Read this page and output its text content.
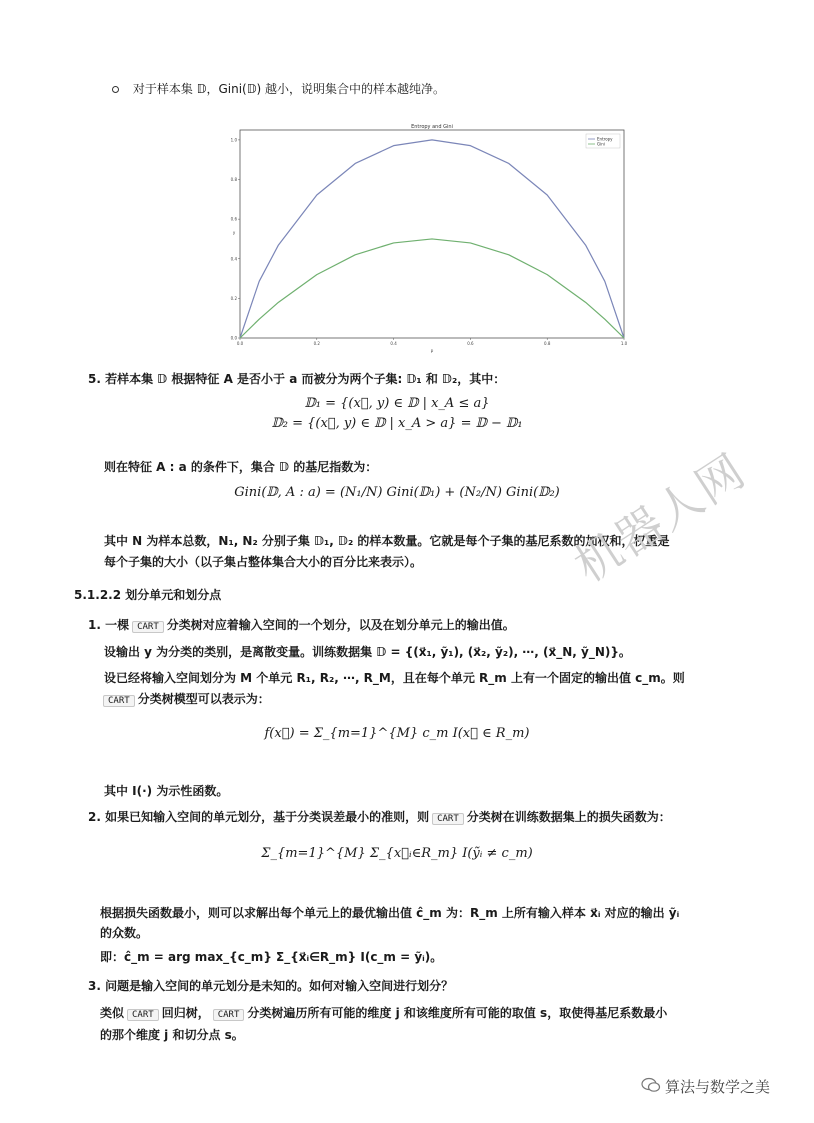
对于样本集 𝔻，Gini(𝔻) 越小，说明集合中的样本越纯净。
Entropy and Gini
0.0	0.2	0.4	0.6	0.8	1.0
0.0
0.2
0.4
0.6
0.8
1.0
p
y
Entropy
Gini
5. 若样本集 𝔻 根据特征 A 是否小于 a 而被分为两个子集: 𝔻₁ 和 𝔻₂，其中：
𝔻₁ = {(x⃗, y) ∈ 𝔻 | x_A ≤ a}
𝔻₂ = {(x⃗, y) ∈ 𝔻 | x_A > a} = 𝔻 − 𝔻₁
则在特征 A : a 的条件下，集合 𝔻 的基尼指数为：
Gini(𝔻, A : a) = (N₁/N) Gini(𝔻₁) + (N₂/N) Gini(𝔻₂)
其中 N 为样本总数，N₁, N₂ 分别子集 𝔻₁, 𝔻₂ 的样本数量。它就是每个子集的基尼系数的加权和，权重是
每个子集的大小（以子集占整体集合大小的百分比来表示）。
5.1.2.2 划分单元和划分点
1. 一棵 CART 分类树对应着输入空间的一个划分，以及在划分单元上的输出值。
设输出 y 为分类的类别，是离散变量。训练数据集 𝔻 = {(x⃗₁, ỹ₁), (x⃗₂, ỹ₂), ⋯, (x⃗_N, ỹ_N)}。
设已经将输入空间划分为 M 个单元 R₁, R₂, ⋯, R_M，且在每个单元 R_m 上有一个固定的输出值 c_m。则
CART 分类树模型可以表示为：
f(x⃗) = Σ_{m=1}^{M} c_m I(x⃗ ∈ R_m)
其中 I(·) 为示性函数。
2. 如果已知输入空间的单元划分，基于分类误差最小的准则，则 CART 分类树在训练数据集上的损失函数为：
Σ_{m=1}^{M} Σ_{x⃗ᵢ∈R_m} I(ỹᵢ ≠ c_m)
根据损失函数最小，则可以求解出每个单元上的最优输出值 ĉ_m 为：R_m 上所有输入样本 x⃗ᵢ 对应的输出 ỹᵢ
的众数。
即：ĉ_m = arg max_{c_m} Σ_{x⃗ᵢ∈R_m} I(c_m = ỹᵢ)。
3. 问题是输入空间的单元划分是未知的。如何对输入空间进行划分？
类似 CART 回归树， CART 分类树遍历所有可能的维度 j 和该维度所有可能的取值 s，取使得基尼系数最小
的那个维度 j 和切分点 s。
机器人网
算法与数学之美
